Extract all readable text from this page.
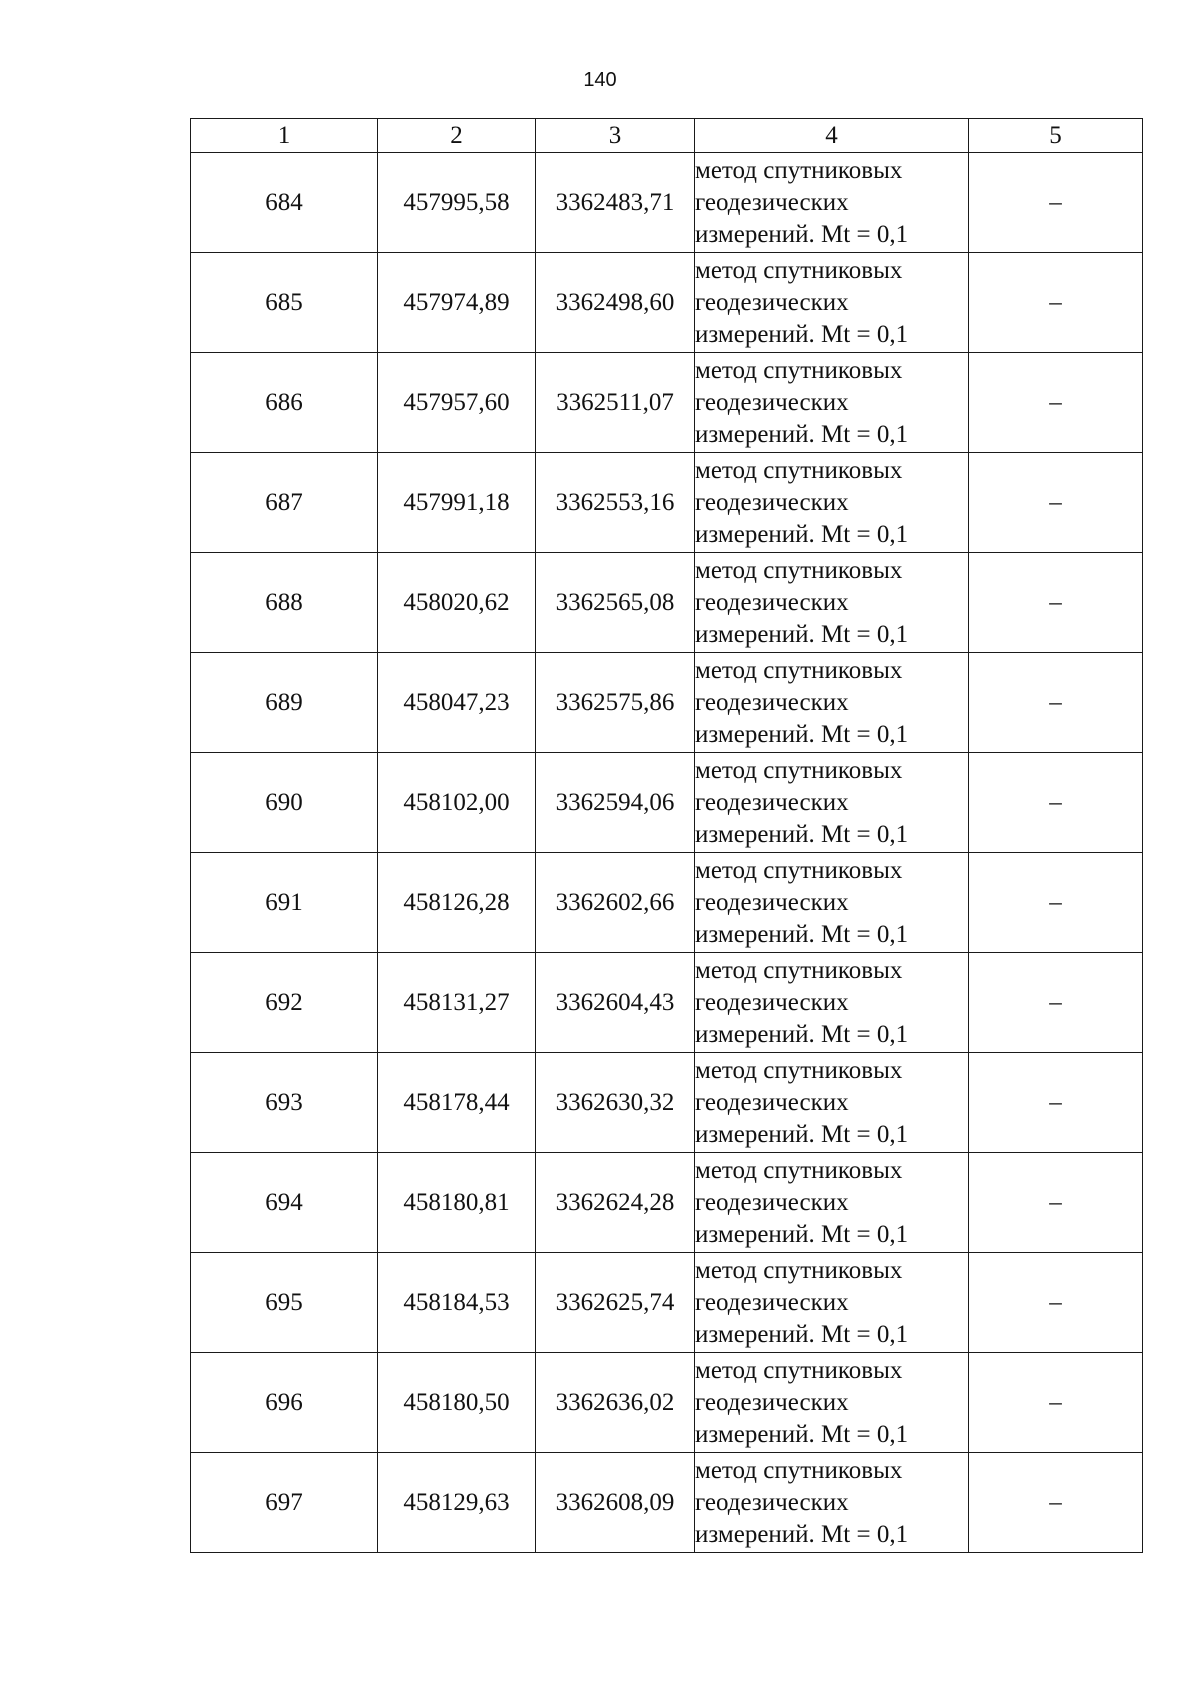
140
1	2	3	4	5
684	457995,58	3362483,71	метод спутниковых
геодезических
измерений. Mt = 0,1	–
685	457974,89	3362498,60	метод спутниковых
геодезических
измерений. Mt = 0,1	–
686	457957,60	3362511,07	метод спутниковых
геодезических
измерений. Mt = 0,1	–
687	457991,18	3362553,16	метод спутниковых
геодезических
измерений. Mt = 0,1	–
688	458020,62	3362565,08	метод спутниковых
геодезических
измерений. Mt = 0,1	–
689	458047,23	3362575,86	метод спутниковых
геодезических
измерений. Mt = 0,1	–
690	458102,00	3362594,06	метод спутниковых
геодезических
измерений. Mt = 0,1	–
691	458126,28	3362602,66	метод спутниковых
геодезических
измерений. Mt = 0,1	–
692	458131,27	3362604,43	метод спутниковых
геодезических
измерений. Mt = 0,1	–
693	458178,44	3362630,32	метод спутниковых
геодезических
измерений. Mt = 0,1	–
694	458180,81	3362624,28	метод спутниковых
геодезических
измерений. Mt = 0,1	–
695	458184,53	3362625,74	метод спутниковых
геодезических
измерений. Mt = 0,1	–
696	458180,50	3362636,02	метод спутниковых
геодезических
измерений. Mt = 0,1	–
697	458129,63	3362608,09	метод спутниковых
геодезических
измерений. Mt = 0,1	–
